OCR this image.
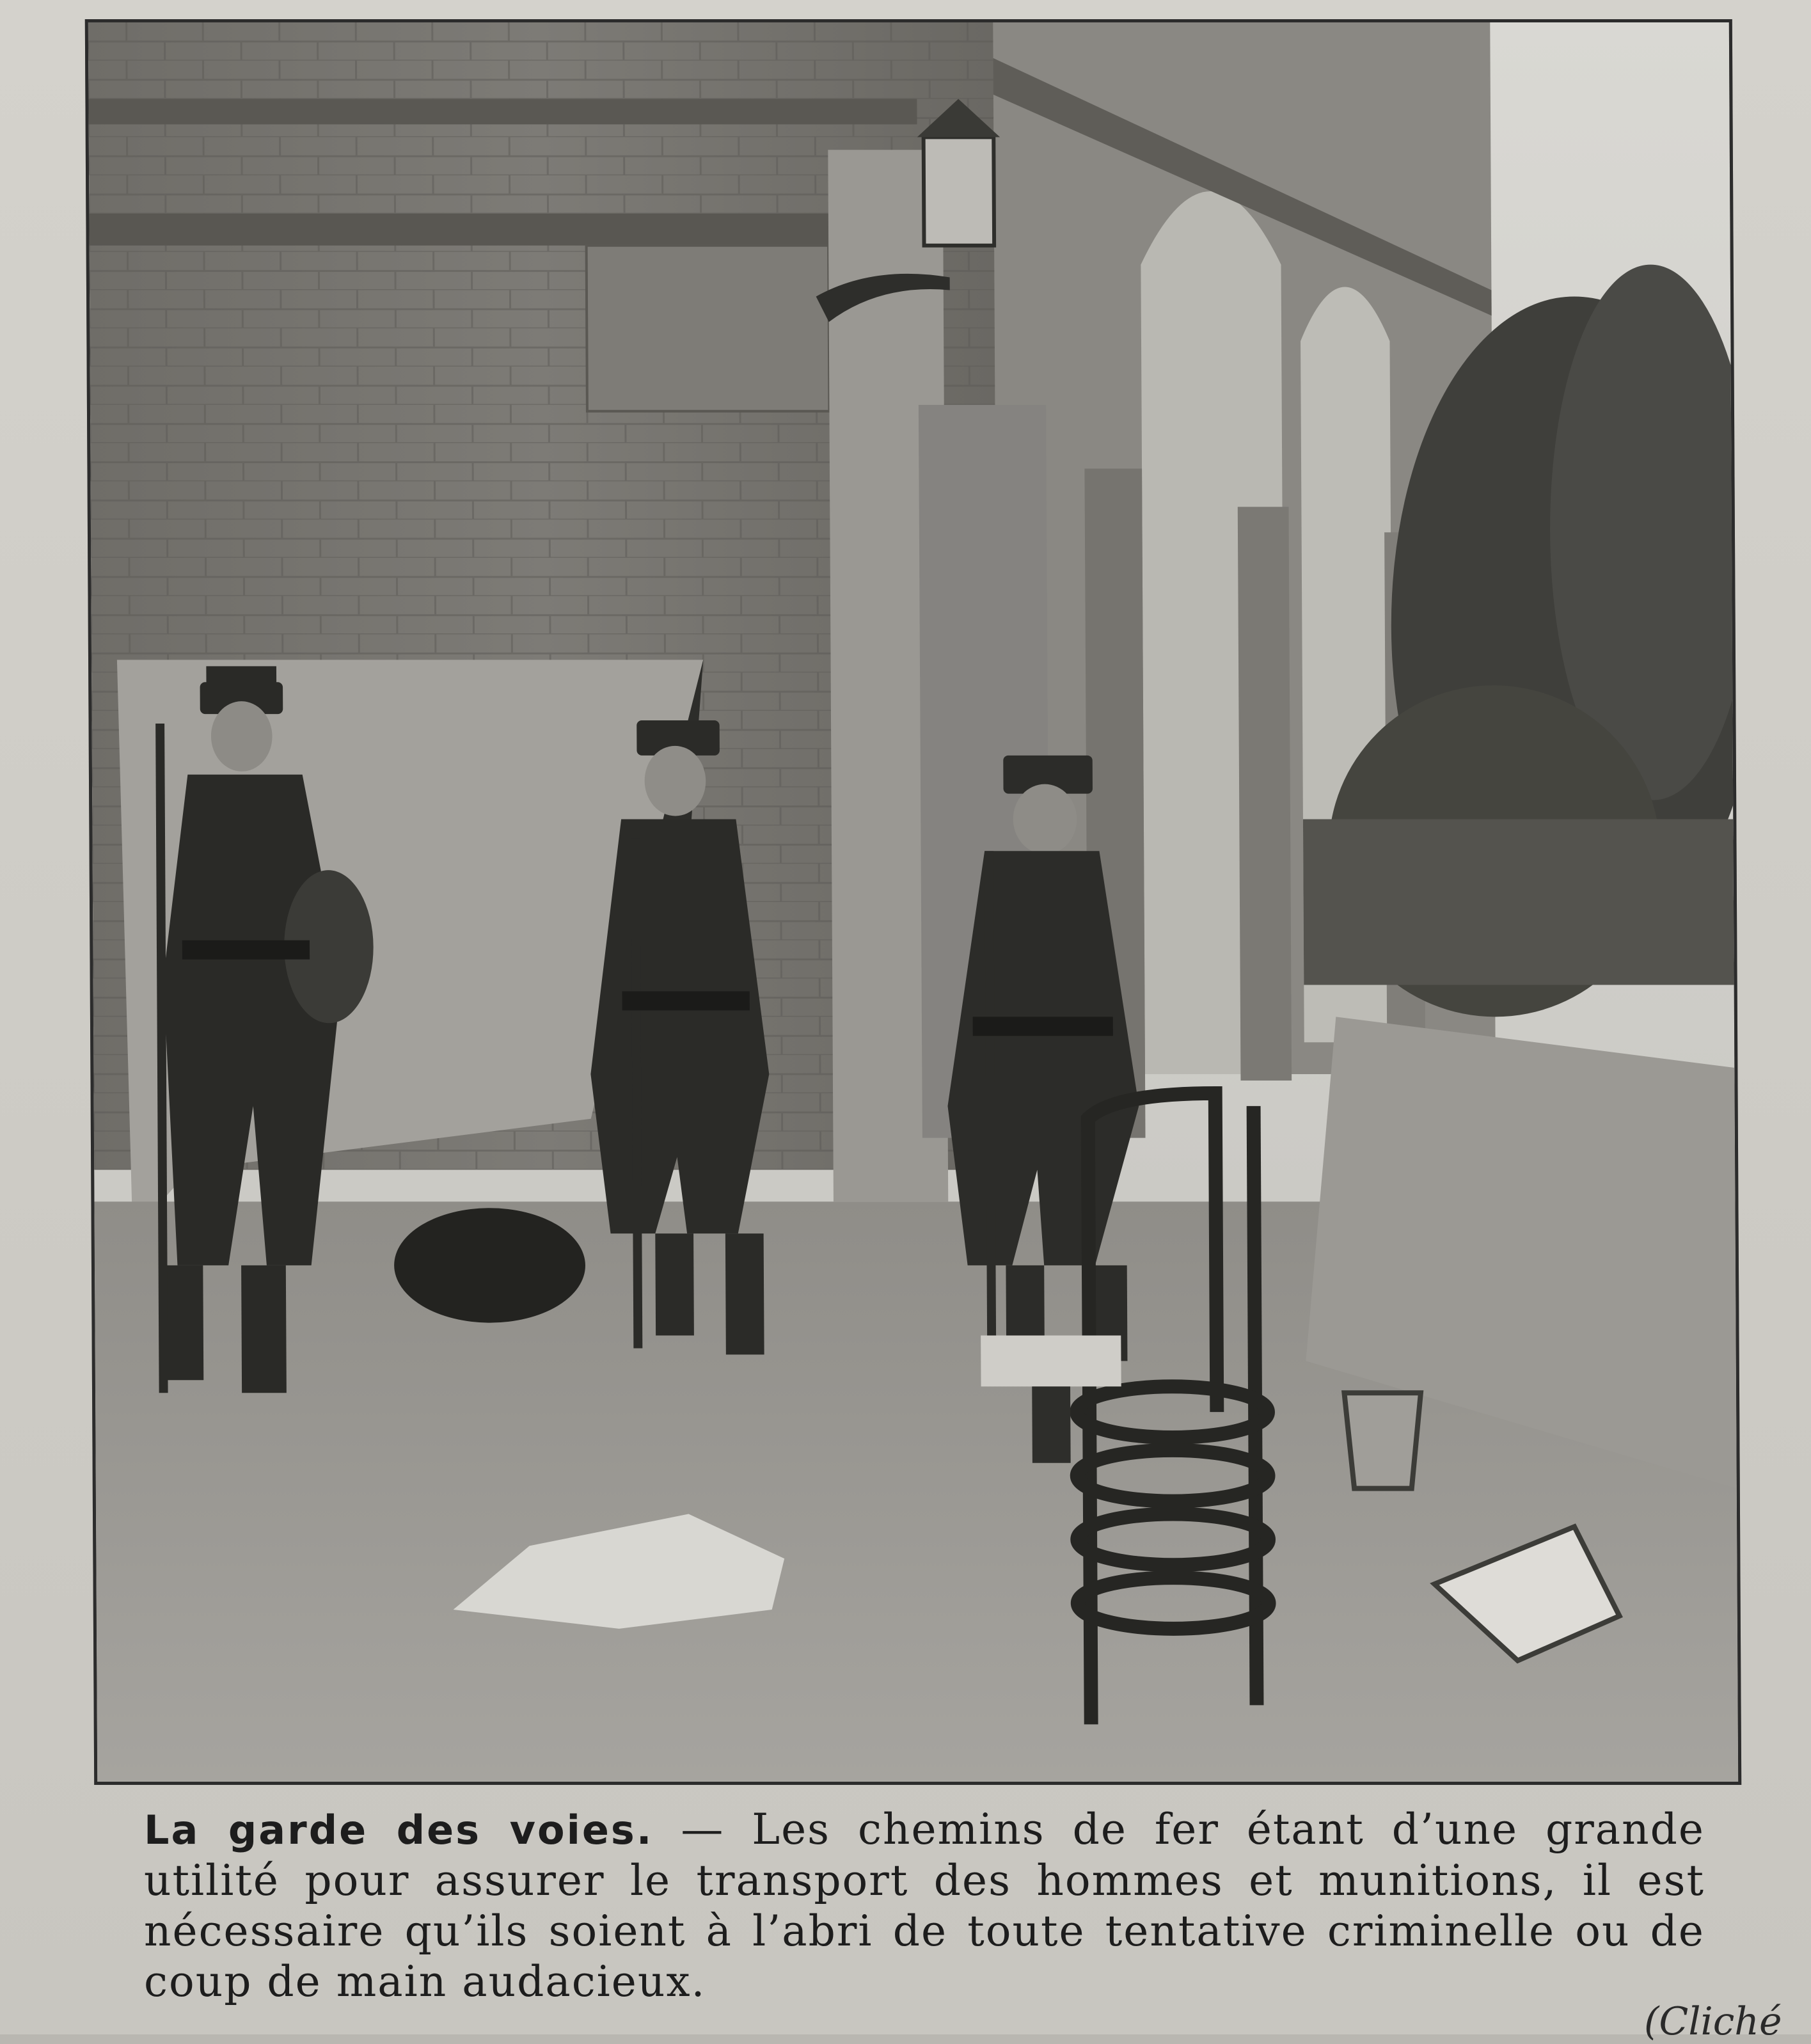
La garde des voies. — Les chemins de fer étant d’une grande utilité pour assurer le transport des hommes et munitions, il est nécessaire qu’ils soient à l’abri de toute tentative criminelle ou de coup de main audacieux.
(Cliché
